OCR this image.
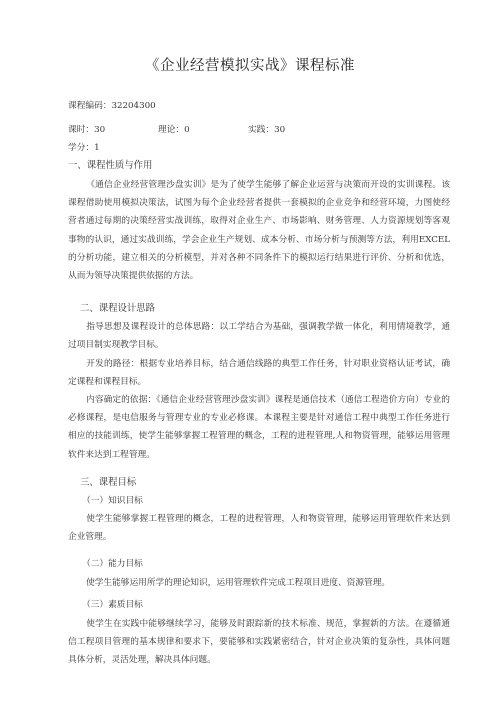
《企业经营模拟实战》课程标准
课程编码：32204300
课时：30	理论：0	实践：30
学分：1
一、课程性质与作用
《通信企业经营管理沙盘实训》是为了使学生能够了解企业运营与决策而开设的实训课程。该课程借助使用模拟决策法，试图为每个企业经营者提供一套模拟的企业竞争和经营环境，力图使经营者通过每期的决策经营实战训练，取得对企业生产、市场影响、财务管理、人力资源规划等客观事物的认识，通过实战训练，学会企业生产规划、成本分析、市场分析与预测等方法，利用EXCEL的分析功能，建立相关的分析模型，并对各种不同条件下的模拟运行结果进行评价、分析和优选，从而为领导决策提供依据的方法。
二、课程设计思路
指导思想及课程设计的总体思路：以工学结合为基础，强调教学做一体化，利用情境教学，通过项目制实现教学目标。
开发的路径：根据专业培养目标，结合通信线路的典型工作任务，针对职业资格认证考试，确定课程和课程目标。
内容确定的依据：《通信企业经营管理沙盘实训》课程是通信技术（通信工程造价方向）专业的必修课程，是电信服务与管理专业的专业必修课。本课程主要是针对通信工程中典型工作任务进行相应的技能训练，使学生能够掌握工程管理的概念，工程的进程管理,人和物资管理，能够运用管理软件来达到工程管理。
三、课程目标
（一）知识目标
使学生能够掌握工程管理的概念，工程的进程管理，人和物资管理，能够运用管理软件来达到企业管理。
（二）能力目标
使学生能够运用所学的理论知识，运用管理软件完成工程项目进度、资源管理。
（三）素质目标
使学生在实践中能够继续学习，能够及时跟踪新的技术标准、规范，掌握新的方法。在遵循通信工程项目管理的基本规律和要求下，要能够和实践紧密结合，针对企业决策的复杂性，具体问题具体分析，灵活处理，解决具体问题。
